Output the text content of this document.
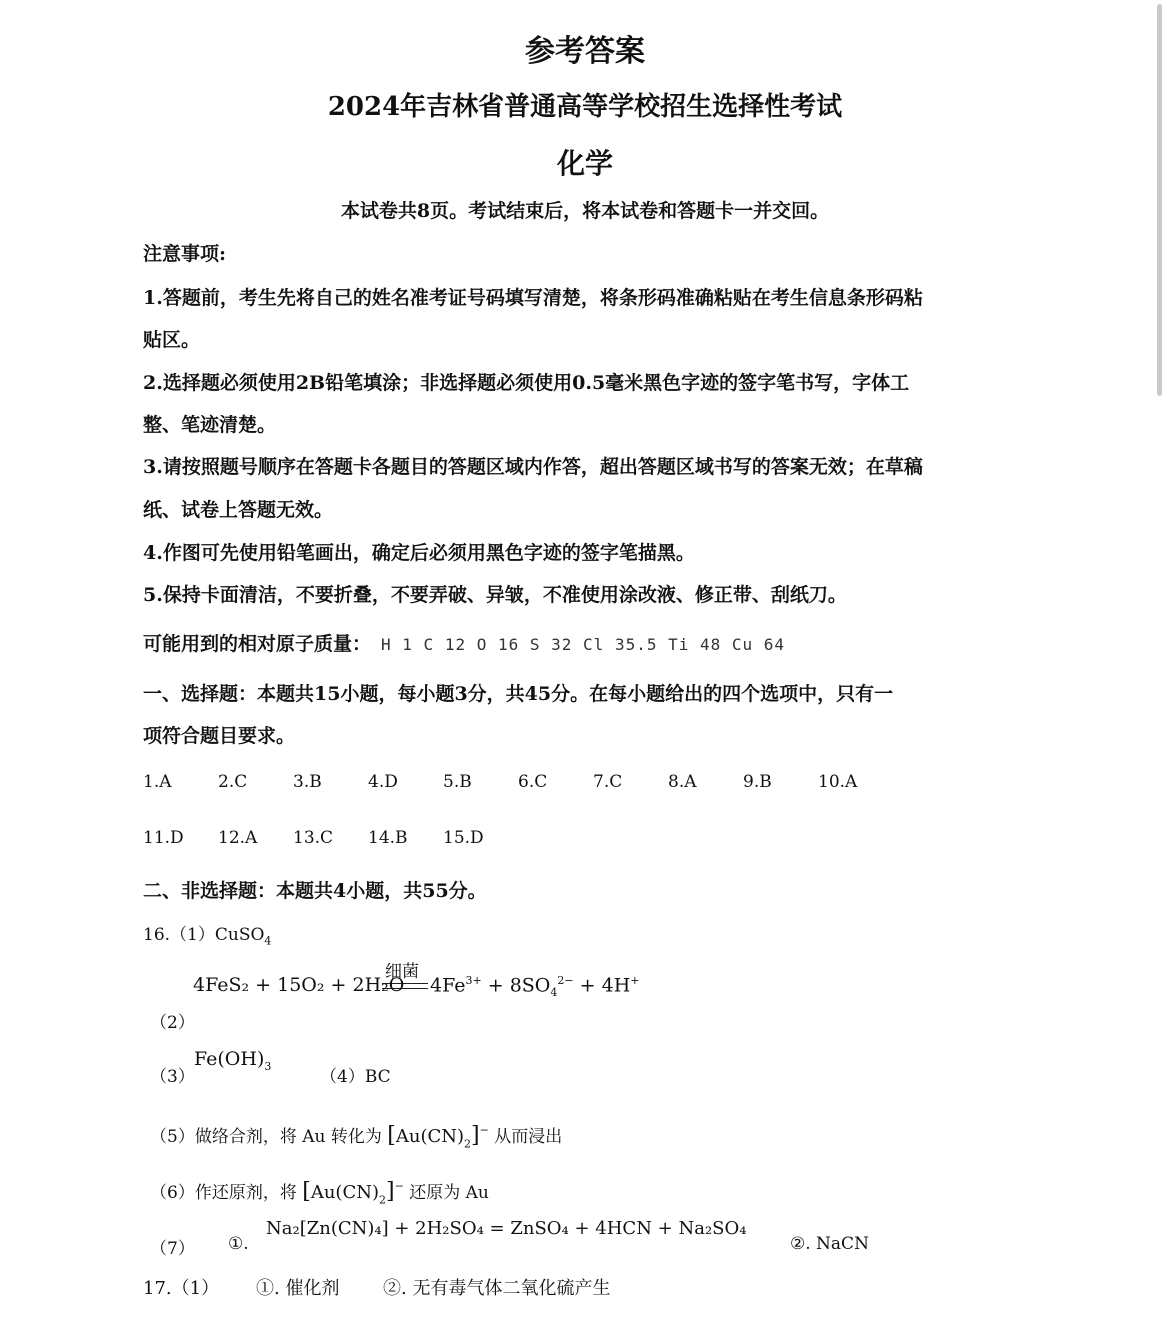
参考答案
2024年吉林省普通高等学校招生选择性考试
化学
本试卷共8页。考试结束后，将本试卷和答题卡一并交回。
注意事项:
1.答题前，考生先将自己的姓名准考证号码填写清楚，将条形码准确粘贴在考生信息条形码粘
贴区。
2.选择题必须使用2B铅笔填涂；非选择题必须使用0.5毫米黑色字迹的签字笔书写，字体工
整、笔迹清楚。
3.请按照题号顺序在答题卡各题目的答题区域内作答，超出答题区域书写的答案无效；在草稿
纸、试卷上答题无效。
4.作图可先使用铅笔画出，确定后必须用黑色字迹的签字笔描黑。
5.保持卡面清洁，不要折叠，不要弄破、异皱，不准使用涂改液、修正带、刮纸刀。
可能用到的相对原子质量： H 1 C 12 O 16 S 32 Cl 35.5 Ti 48 Cu 64
一、选择题：本题共15小题，每小题3分，共45分。在每小题给出的四个选项中，只有一
项符合题目要求。
1.A	2.C	3.B	4.D	5.B	6.C	7.C	8.A	9.B	10.A
11.D 12.A 13.C 14.B 15.D
二、非选择题：本题共4小题，共55分。
16.（1）CuSO$_4$
细菌
4FeS₂ + 15O₂ + 2H₂O $4Fe^{3+} + 8SO_4^{2-} + 4H^+$
（2）
（3）
$Fe(OH)_3$
（4）BC
（5）做络合剂，将 Au 转化为 $[Au(CN)_2]^-$ 从而浸出
（6）作还原剂，将 $[Au(CN)_2]^-$ 还原为 Au
（7） ①.
Na₂[Zn(CN)₄] + 2H₂SO₄ = ZnSO₄ + 4HCN + Na₂SO₄
②. NaCN
17.（1） ①. 催化剂 ②. 无有毒气体二氧化硫产生
